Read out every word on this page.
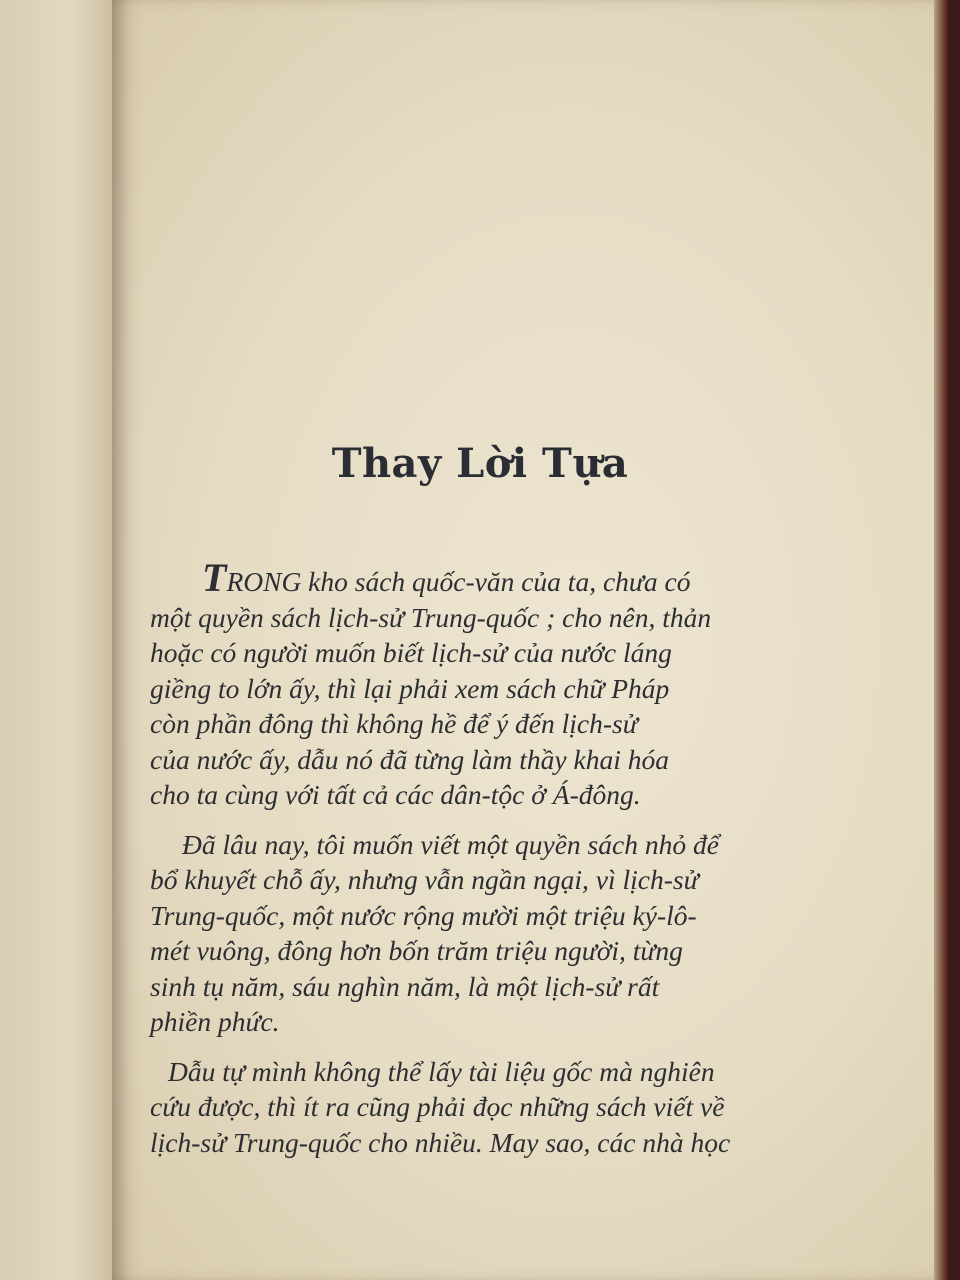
Thay Lời Tựa
TRONG kho sách quốc-văn của ta, chưa có
một quyền sách lịch-sử Trung-quốc ; cho nên, thản
hoặc có người muốn biết lịch-sử của nước láng
giềng to lớn ấy, thì lại phải xem sách chữ Pháp
còn phần đông thì không hề để ý đến lịch-sử
của nước ấy, dẫu nó đã từng làm thầy khai hóa
cho ta cùng với tất cả các dân-tộc ở Á-đông.
Đã lâu nay, tôi muốn viết một quyền sách nhỏ để
bổ khuyết chỗ ấy, nhưng vẫn ngần ngại, vì lịch-sử
Trung-quốc, một nước rộng mười một triệu ký-lô-
mét vuông, đông hơn bốn trăm triệu người, từng
sinh tụ năm, sáu nghìn năm, là một lịch-sử rất
phiền phức.
Dẫu tự mình không thể lấy tài liệu gốc mà nghiên
cứu được, thì ít ra cũng phải đọc những sách viết về
lịch-sử Trung-quốc cho nhiều. May sao, các nhà học
